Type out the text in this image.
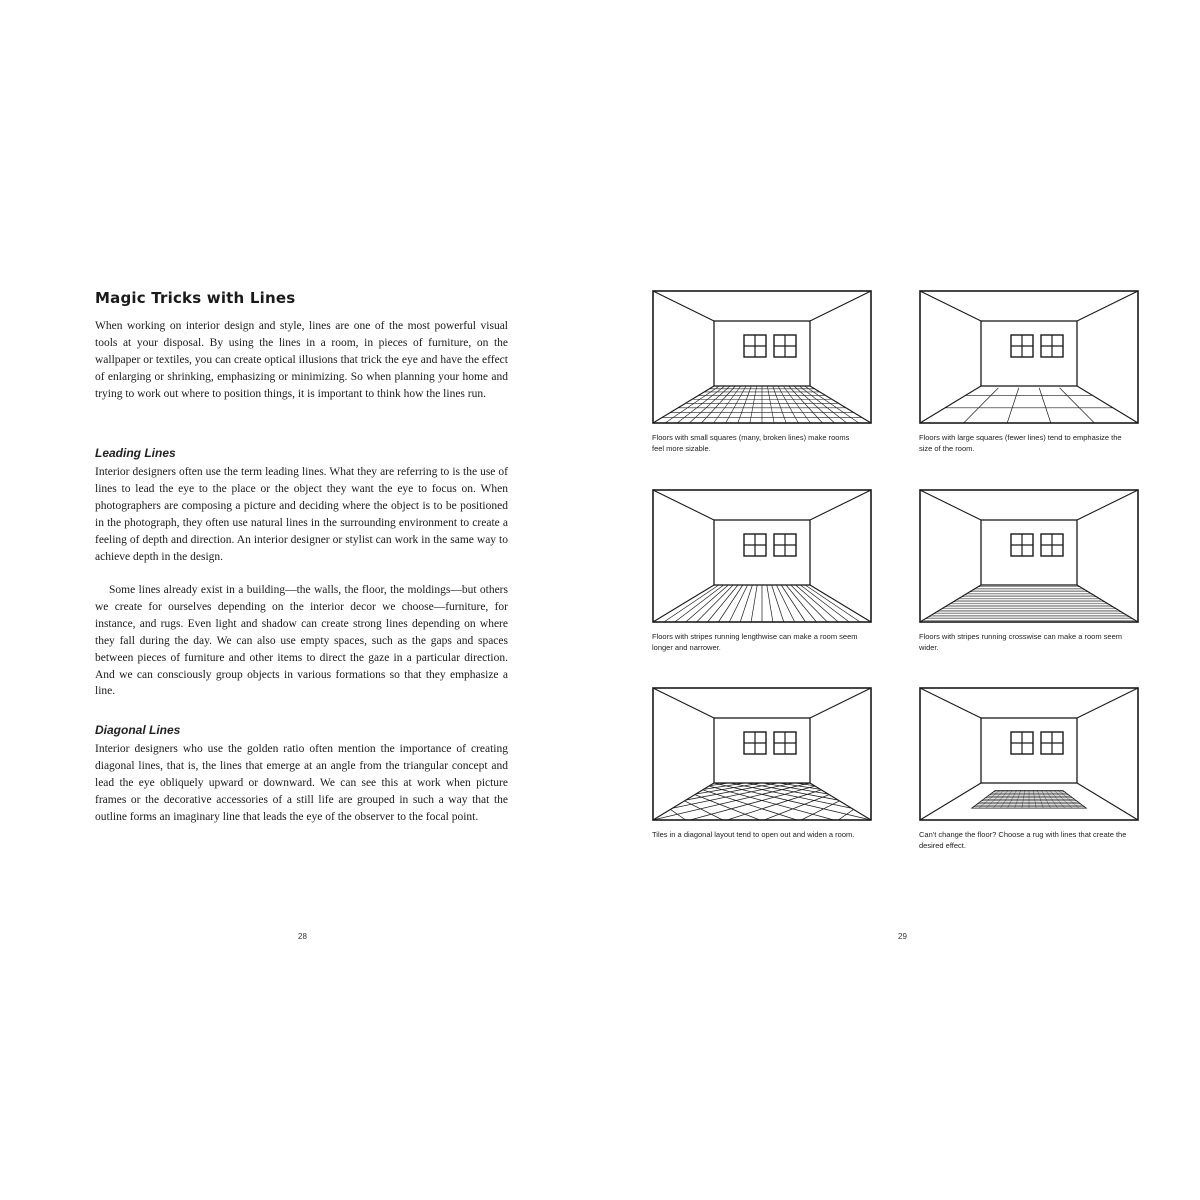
Magic Tricks with Lines

When working on interior design and style, lines are one of the most powerful visual tools at your disposal. By using the lines in a room, in pieces of furniture, on the wallpaper or textiles, you can create optical illusions that trick the eye and have the effect of enlarging or shrinking, emphasizing or minimizing. So when planning your home and trying to work out where to position things, it is important to think how the lines run.

Leading Lines

Interior designers often use the term leading lines. What they are referring to is the use of lines to lead the eye to the place or the object they want the eye to focus on. When photographers are composing a picture and deciding where the object is to be positioned in the photograph, they often use natural lines in the surrounding environment to create a feeling of depth and direction. An interior designer or stylist can work in the same way to achieve depth in the design.

Some lines already exist in a building—the walls, the floor, the moldings—but others we create for ourselves depending on the interior decor we choose—furniture, for instance, and rugs. Even light and shadow can create strong lines depending on where they fall during the day. We can also use empty spaces, such as the gaps and spaces between pieces of furniture and other items to direct the gaze in a particular direction. And we can consciously group objects in various formations so that they emphasize a line.

Diagonal Lines

Interior designers who use the golden ratio often mention the importance of creating diagonal lines, that is, the lines that emerge at an angle from the triangular concept and lead the eye obliquely upward or downward. We can see this at work when picture frames or the decorative accessories of a still life are grouped in such a way that the outline forms an imaginary line that leads the eye of the observer to the focal point.

28

Floors with small squares (many, broken lines) make rooms feel more sizable.

Floors with large squares (fewer lines) tend to emphasize the size of the room.

Floors with stripes running lengthwise can make a room seem longer and narrower.

Floors with stripes running crosswise can make a room seem wider.

Tiles in a diagonal layout tend to open out and widen a room.	Can't change the floor? Choose a rug with lines that create the desired effect.

29
